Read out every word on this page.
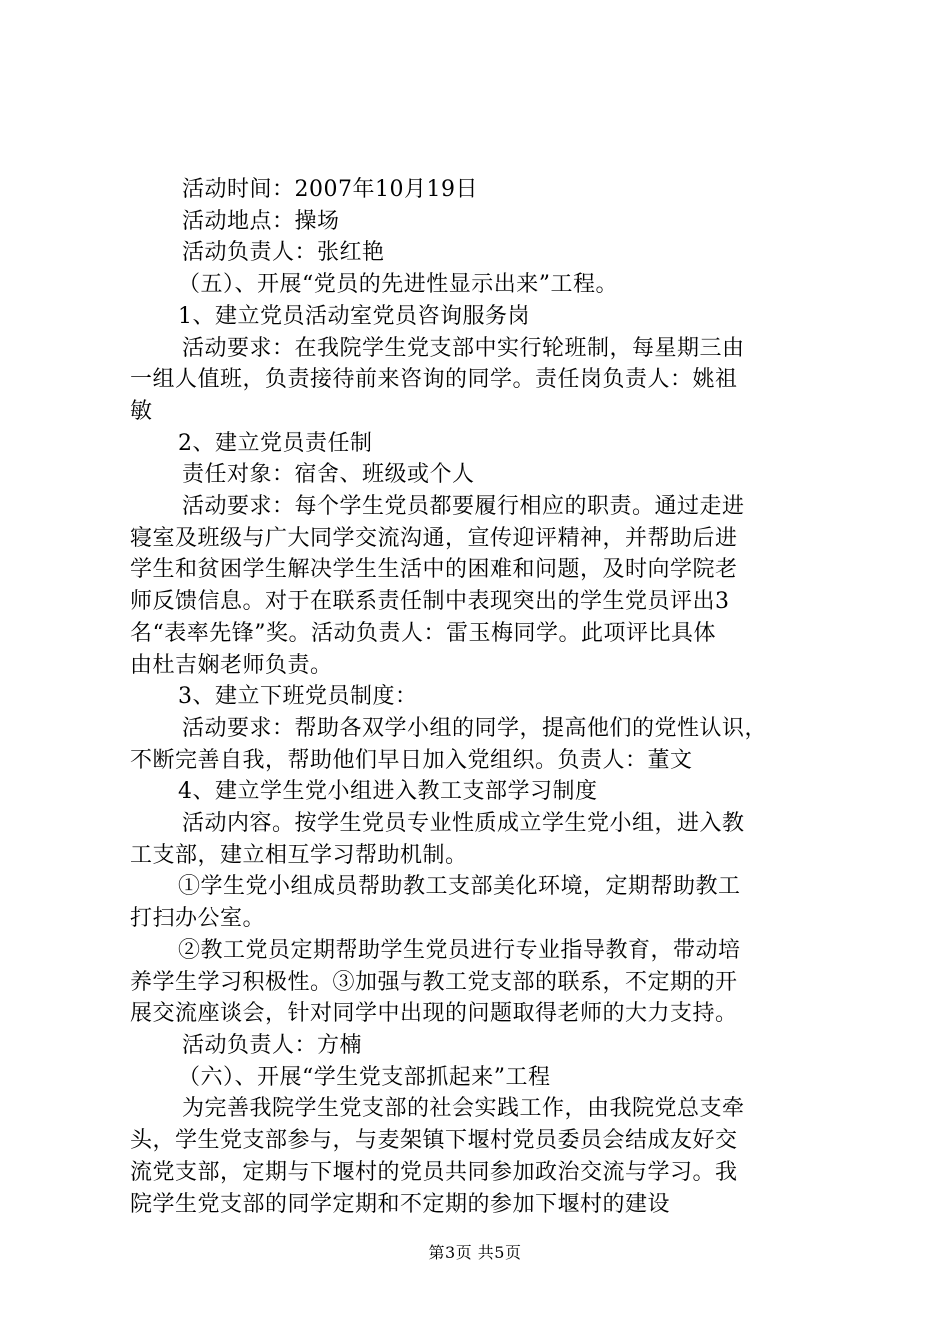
活动时间：2007年10月19日
活动地点：操场
活动负责人：张红艳
（五）、开展“党员的先进性显示出来”工程。
1、建立党员活动室党员咨询服务岗
活动要求：在我院学生党支部中实行轮班制，每星期三由
一组人值班，负责接待前来咨询的同学。责任岗负责人：姚祖
敏
2、建立党员责任制
责任对象：宿舍、班级或个人
活动要求：每个学生党员都要履行相应的职责。通过走进
寝室及班级与广大同学交流沟通，宣传迎评精神，并帮助后进
学生和贫困学生解决学生生活中的困难和问题，及时向学院老
师反馈信息。对于在联系责任制中表现突出的学生党员评出3
名“表率先锋”奖。活动负责人：雷玉梅同学。此项评比具体
由杜吉娴老师负责。
3、建立下班党员制度：
活动要求：帮助各双学小组的同学，提高他们的党性认识，
不断完善自我，帮助他们早日加入党组织。负责人：董文
4、建立学生党小组进入教工支部学习制度
活动内容。按学生党员专业性质成立学生党小组，进入教
工支部，建立相互学习帮助机制。
①学生党小组成员帮助教工支部美化环境，定期帮助教工
打扫办公室。
②教工党员定期帮助学生党员进行专业指导教育，带动培
养学生学习积极性。③加强与教工党支部的联系，不定期的开
展交流座谈会，针对同学中出现的问题取得老师的大力支持。
活动负责人：方楠
（六）、开展“学生党支部抓起来”工程
为完善我院学生党支部的社会实践工作，由我院党总支牵
头，学生党支部参与，与麦架镇下堰村党员委员会结成友好交
流党支部，定期与下堰村的党员共同参加政治交流与学习。我
院学生党支部的同学定期和不定期的参加下堰村的建设
第3页 共5页
